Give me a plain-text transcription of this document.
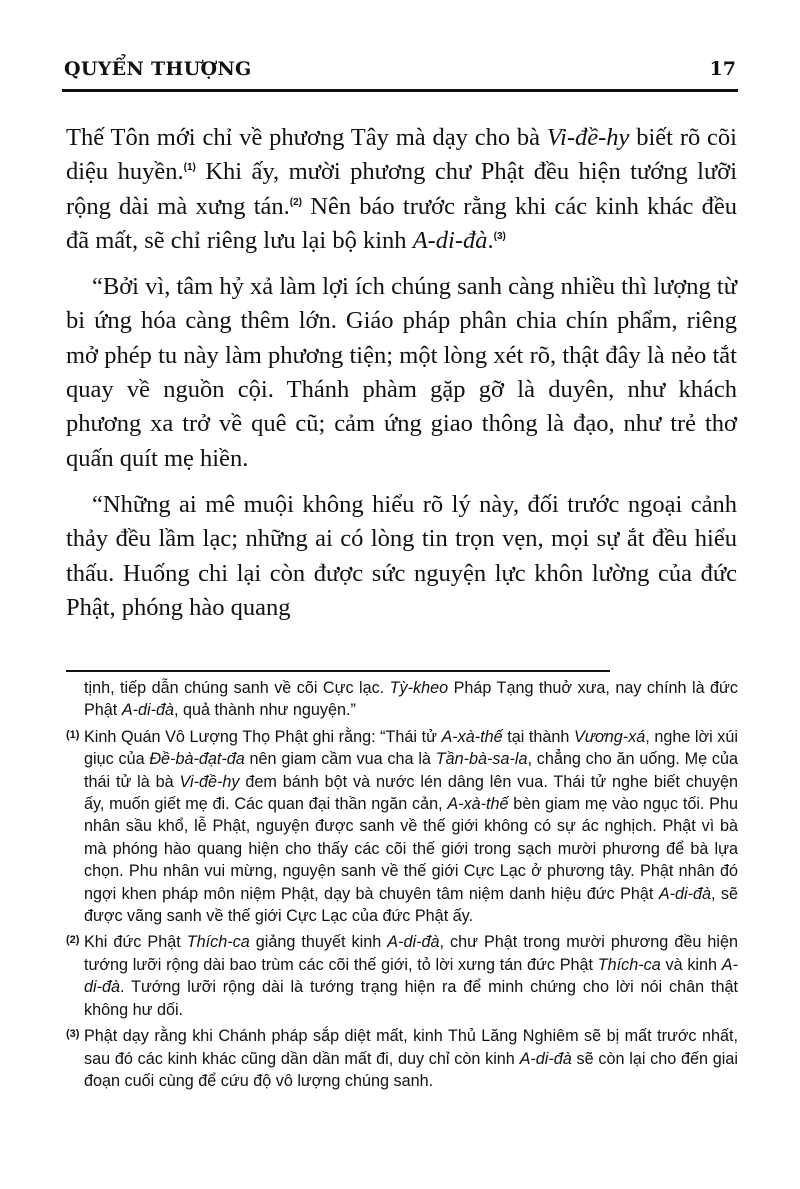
QUYỂN THƯỢNG	17

Thế Tôn mới chỉ về phương Tây mà dạy cho bà Vi-đề-hy biết rõ cõi diệu huyền.$^{(1)}$ Khi ấy, mười phương chư Phật đều hiện tướng lưỡi rộng dài mà xưng tán.$^{(2)}$ Nên báo trước rằng khi các kinh khác đều đã mất, sẽ chỉ riêng lưu lại bộ kinh A-di-đà.$^{(3)}$

“Bởi vì, tâm hỷ xả làm lợi ích chúng sanh càng nhiều thì lượng từ bi ứng hóa càng thêm lớn. Giáo pháp phân chia chín phẩm, riêng mở phép tu này làm phương tiện; một lòng xét rõ, thật đây là nẻo tắt quay về nguồn cội. Thánh phàm gặp gỡ là duyên, như khách phương xa trở về quê cũ; cảm ứng giao thông là đạo, như trẻ thơ quấn quít mẹ hiền.

“Những ai mê muội không hiểu rõ lý này, đối trước ngoại cảnh thảy đều lầm lạc; những ai có lòng tin trọn vẹn, mọi sự ắt đều hiểu thấu. Huống chi lại còn được sức nguyện lực khôn lường của đức Phật, phóng hào quang

tịnh, tiếp dẫn chúng sanh về cõi Cực lạc. Tỳ-kheo Pháp Tạng thuở xưa, nay chính là đức Phật A-di-đà, quả thành như nguyện.”

(1) Kinh Quán Vô Lượng Thọ Phật ghi rằng: “Thái tử A-xà-thế tại thành Vương-xá, nghe lời xúi giục của Đề-bà-đạt-đa nên giam cầm vua cha là Tần-bà-sa-la, chẳng cho ăn uống. Mẹ của thái tử là bà Vi-đề-hy đem bánh bột và nước lén dâng lên vua. Thái tử nghe biết chuyện ấy, muốn giết mẹ đi. Các quan đại thần ngăn cản, A-xà-thế bèn giam mẹ vào ngục tối. Phu nhân sầu khổ, lễ Phật, nguyện được sanh về thế giới không có sự ác nghịch. Phật vì bà mà phóng hào quang hiện cho thấy các cõi thế giới trong sạch mười phương để bà lựa chọn. Phu nhân vui mừng, nguyện sanh về thế giới Cực Lạc ở phương tây. Phật nhân đó ngợi khen pháp môn niệm Phật, dạy bà chuyên tâm niệm danh hiệu đức Phật A-di-đà, sẽ được vãng sanh về thế giới Cực Lạc của đức Phật ấy.

(2) Khi đức Phật Thích-ca giảng thuyết kinh A-di-đà, chư Phật trong mười phương đều hiện tướng lưỡi rộng dài bao trùm các cõi thế giới, tỏ lời xưng tán đức Phật Thích-ca và kinh A-di-đà. Tướng lưỡi rộng dài là tướng trạng hiện ra để minh chứng cho lời nói chân thật không hư dối.

(3) Phật dạy rằng khi Chánh pháp sắp diệt mất, kinh Thủ Lăng Nghiêm sẽ bị mất trước nhất, sau đó các kinh khác cũng dần dần mất đi, duy chỉ còn kinh A-di-đà sẽ còn lại cho đến giai đoạn cuối cùng để cứu độ vô lượng chúng sanh.
